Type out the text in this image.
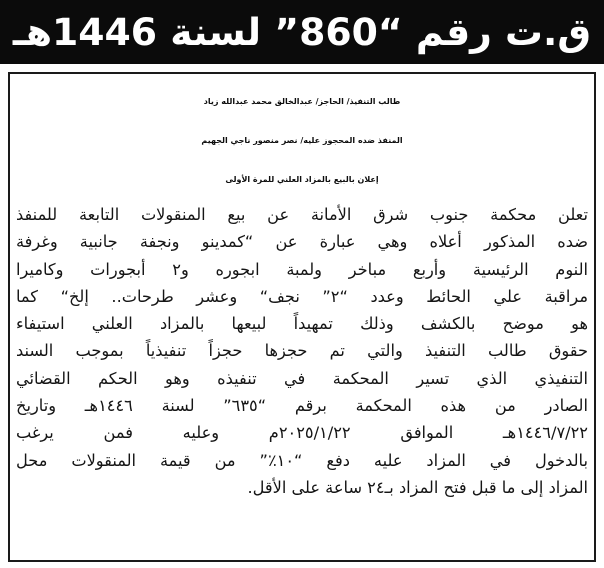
ق.ت رقم “860” لسنة 1446هـ
طالب التنفيذ/ الحاجز/ عبدالخالق محمد عبدالله زياد
المنفذ ضده المحجوز عليه/ نصر منصور ناجي الجهيم
إعلان بالبيع بالمزاد العلني للمرة الأولى
تعلن محكمة جنوب شرق الأمانة عن بيع المنقولات التابعة للمنفذ
ضده المذكور أعلاه وهي عبارة عن “كمدينو ونجفة جانبية وغرفة
النوم الرئيسية وأربع مباخر ولمبة ابجوره و٢ أبجورات وكاميرا
مراقبة علي الحائط وعدد “٢” نجف“ وعشر طرحات.. إلخ“ كما
هو موضح بالكشف وذلك تمهيداً لبيعها بالمزاد العلني استيفاء
حقوق طالب التنفيذ والتي تم حجزها حجزاً تنفيذياً بموجب السند
التنفيذي الذي تسير المحكمة في تنفيذه وهو الحكم القضائي
الصادر من هذه المحكمة برقم “٦٣٥” لسنة ١٤٤٦هـ وتاريخ
١٤٤٦/٧/٢٢هـ الموافق ٢٠٢٥/١/٢٢م وعليه فمن يرغب
بالدخول في المزاد عليه دفع “١٠٪” من قيمة المنقولات محل
المزاد إلى ما قبل فتح المزاد بـ٢٤ ساعة على الأقل.
